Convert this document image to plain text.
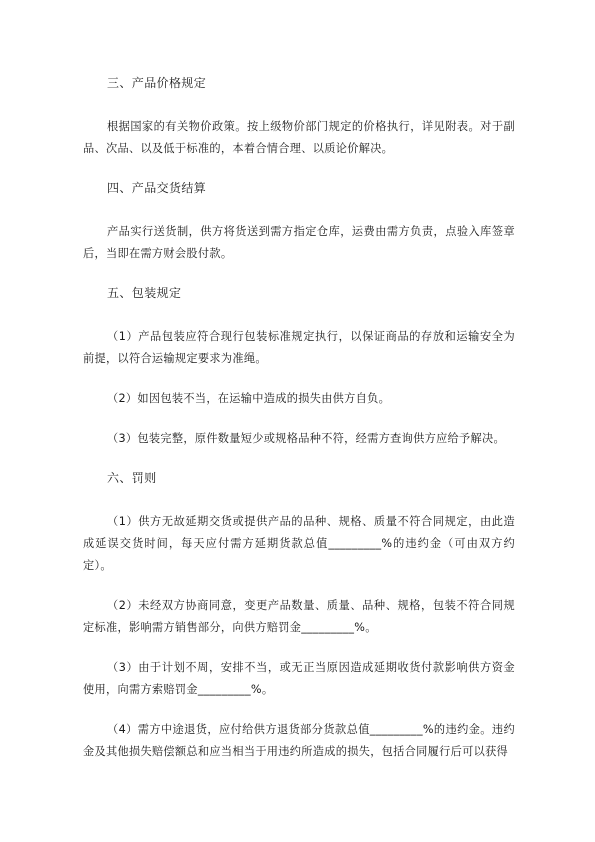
三、产品价格规定
根据国家的有关物价政策。按上级物价部门规定的价格执行，详见附表。对于副品、次品、以及低于标准的，本着合情合理、以质论价解决。
四、产品交货结算
产品实行送货制，供方将货送到需方指定仓库，运费由需方负责，点验入库签章后，当即在需方财会股付款。
五、包装规定
（1）产品包装应符合现行包装标准规定执行，以保证商品的存放和运输安全为前提，以符合运输规定要求为准绳。
（2）如因包装不当，在运输中造成的损失由供方自负。
（3）包装完整，原件数量短少或规格品种不符，经需方查询供方应给予解决。
六、罚则
（1）供方无故延期交货或提供产品的品种、规格、质量不符合同规定，由此造成延误交货时间，每天应付需方延期货款总值_________%的违约金（可由双方约定）。
（2）未经双方协商同意，变更产品数量、质量、品种、规格，包装不符合同规定标准，影响需方销售部分，向供方赔罚金_________%。
（3）由于计划不周，安排不当，或无正当原因造成延期收货付款影响供方资金使用，向需方索赔罚金_________%。
（4）需方中途退货，应付给供方退货部分货款总值_________%的违约金。违约金及其他损失赔偿额总和应当相当于用违约所造成的损失，包括合同履行后可以获得
